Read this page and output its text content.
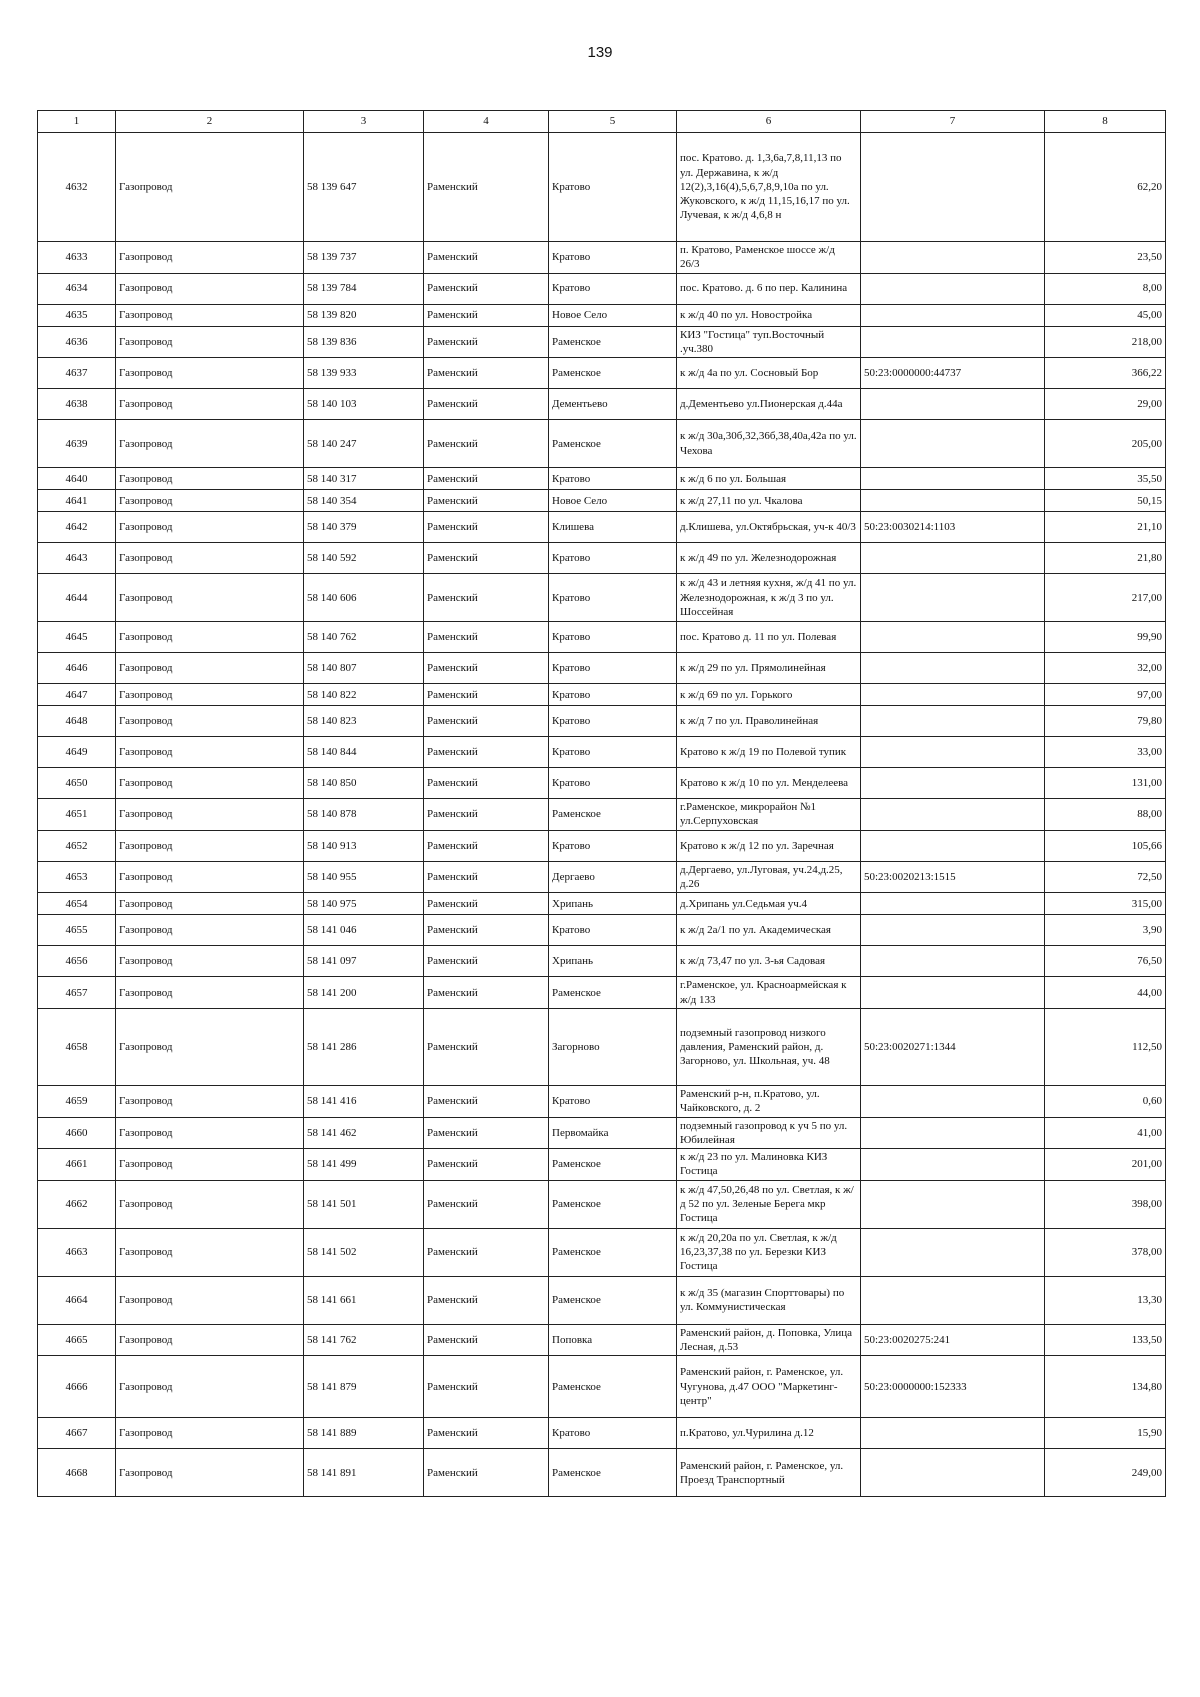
139
1	2	3	4	5	6	7	8
4632	Газопровод	58 139 647	Раменский	Кратово	пос. Кратово. д. 1,3,6а,7,8,11,13 по ул. Державина, к ж/д 12(2),3,16(4),5,6,7,8,9,10а по ул. Жуковского, к ж/д 11,15,16,17 по ул. Лучевая, к ж/д 4,6,8 н		62,20
4633	Газопровод	58 139 737	Раменский	Кратово	п. Кратово, Раменское шоссе ж/д 26/3		23,50
4634	Газопровод	58 139 784	Раменский	Кратово	пос. Кратово. д. 6 по пер. Калинина		8,00
4635	Газопровод	58 139 820	Раменский	Новое Село	к ж/д 40 по ул. Новостройка		45,00
4636	Газопровод	58 139 836	Раменский	Раменское	КИЗ "Гостица" туп.Восточный .уч.380		218,00
4637	Газопровод	58 139 933	Раменский	Раменское	к ж/д 4а по ул. Сосновый Бор	50:23:0000000:44737	366,22
4638	Газопровод	58 140 103	Раменский	Дементьево	д.Дементьево ул.Пионерская д.44а		29,00
4639	Газопровод	58 140 247	Раменский	Раменское	к ж/д 30а,30б,32,36б,38,40а,42а по ул. Чехова		205,00
4640	Газопровод	58 140 317	Раменский	Кратово	к ж/д 6 по ул. Большая		35,50
4641	Газопровод	58 140 354	Раменский	Новое Село	к ж/д 27,11 по ул. Чкалова		50,15
4642	Газопровод	58 140 379	Раменский	Клишева	д.Клишева, ул.Октябрьская, уч-к 40/3	50:23:0030214:1103	21,10
4643	Газопровод	58 140 592	Раменский	Кратово	к ж/д 49 по ул. Железнодорожная		21,80
4644	Газопровод	58 140 606	Раменский	Кратово	к ж/д 43 и летняя кухня, ж/д 41 по ул. Железнодорожная, к ж/д 3 по ул. Шоссейная		217,00
4645	Газопровод	58 140 762	Раменский	Кратово	пос. Кратово д. 11 по ул. Полевая		99,90
4646	Газопровод	58 140 807	Раменский	Кратово	к ж/д 29 по ул. Прямолинейная		32,00
4647	Газопровод	58 140 822	Раменский	Кратово	к ж/д 69 по ул. Горького		97,00
4648	Газопровод	58 140 823	Раменский	Кратово	к ж/д 7 по ул. Праволинейная		79,80
4649	Газопровод	58 140 844	Раменский	Кратово	Кратово к ж/д 19 по Полевой тупик		33,00
4650	Газопровод	58 140 850	Раменский	Кратово	Кратово к ж/д 10 по ул. Менделеева		131,00
4651	Газопровод	58 140 878	Раменский	Раменское	г.Раменское, микрорайон №1 ул.Серпуховская		88,00
4652	Газопровод	58 140 913	Раменский	Кратово	Кратово к ж/д 12 по ул. Заречная		105,66
4653	Газопровод	58 140 955	Раменский	Дергаево	д.Дергаево, ул.Луговая, уч.24,д.25, д.26	50:23:0020213:1515	72,50
4654	Газопровод	58 140 975	Раменский	Хрипань	д.Хрипань ул.Седьмая уч.4		315,00
4655	Газопровод	58 141 046	Раменский	Кратово	к ж/д 2а/1 по ул. Академическая		3,90
4656	Газопровод	58 141 097	Раменский	Хрипань	к ж/д 73,47 по ул. 3-ья Садовая		76,50
4657	Газопровод	58 141 200	Раменский	Раменское	г.Раменское, ул. Красноармейская к ж/д 133		44,00
4658	Газопровод	58 141 286	Раменский	Загорново	подземный газопровод низкого давления, Раменский район, д. Загорново, ул. Школьная, уч. 48	50:23:0020271:1344	112,50
4659	Газопровод	58 141 416	Раменский	Кратово	Раменский р-н, п.Кратово, ул. Чайковского, д. 2		0,60
4660	Газопровод	58 141 462	Раменский	Первомайка	подземный газопровод к уч 5 по ул. Юбилейная		41,00
4661	Газопровод	58 141 499	Раменский	Раменское	к ж/д 23 по ул. Малиновка КИЗ Гостица		201,00
4662	Газопровод	58 141 501	Раменский	Раменское	к ж/д 47,50,26,48 по ул. Светлая, к ж/д 52 по ул. Зеленые Берега мкр Гостица		398,00
4663	Газопровод	58 141 502	Раменский	Раменское	к ж/д 20,20а по ул. Светлая, к ж/д 16,23,37,38 по ул. Березки КИЗ Гостица		378,00
4664	Газопровод	58 141 661	Раменский	Раменское	к ж/д 35 (магазин Спорттовары) по ул. Коммунистическая		13,30
4665	Газопровод	58 141 762	Раменский	Поповка	Раменский район, д. Поповка, Улица Лесная, д.53	50:23:0020275:241	133,50
4666	Газопровод	58 141 879	Раменский	Раменское	Раменский район, г. Раменское, ул. Чугунова, д.47 ООО "Маркетинг-центр"	50:23:0000000:152333	134,80
4667	Газопровод	58 141 889	Раменский	Кратово	п.Кратово, ул.Чурилина д.12		15,90
4668	Газопровод	58 141 891	Раменский	Раменское	Раменский район, г. Раменское, ул. Проезд Транспортный		249,00
